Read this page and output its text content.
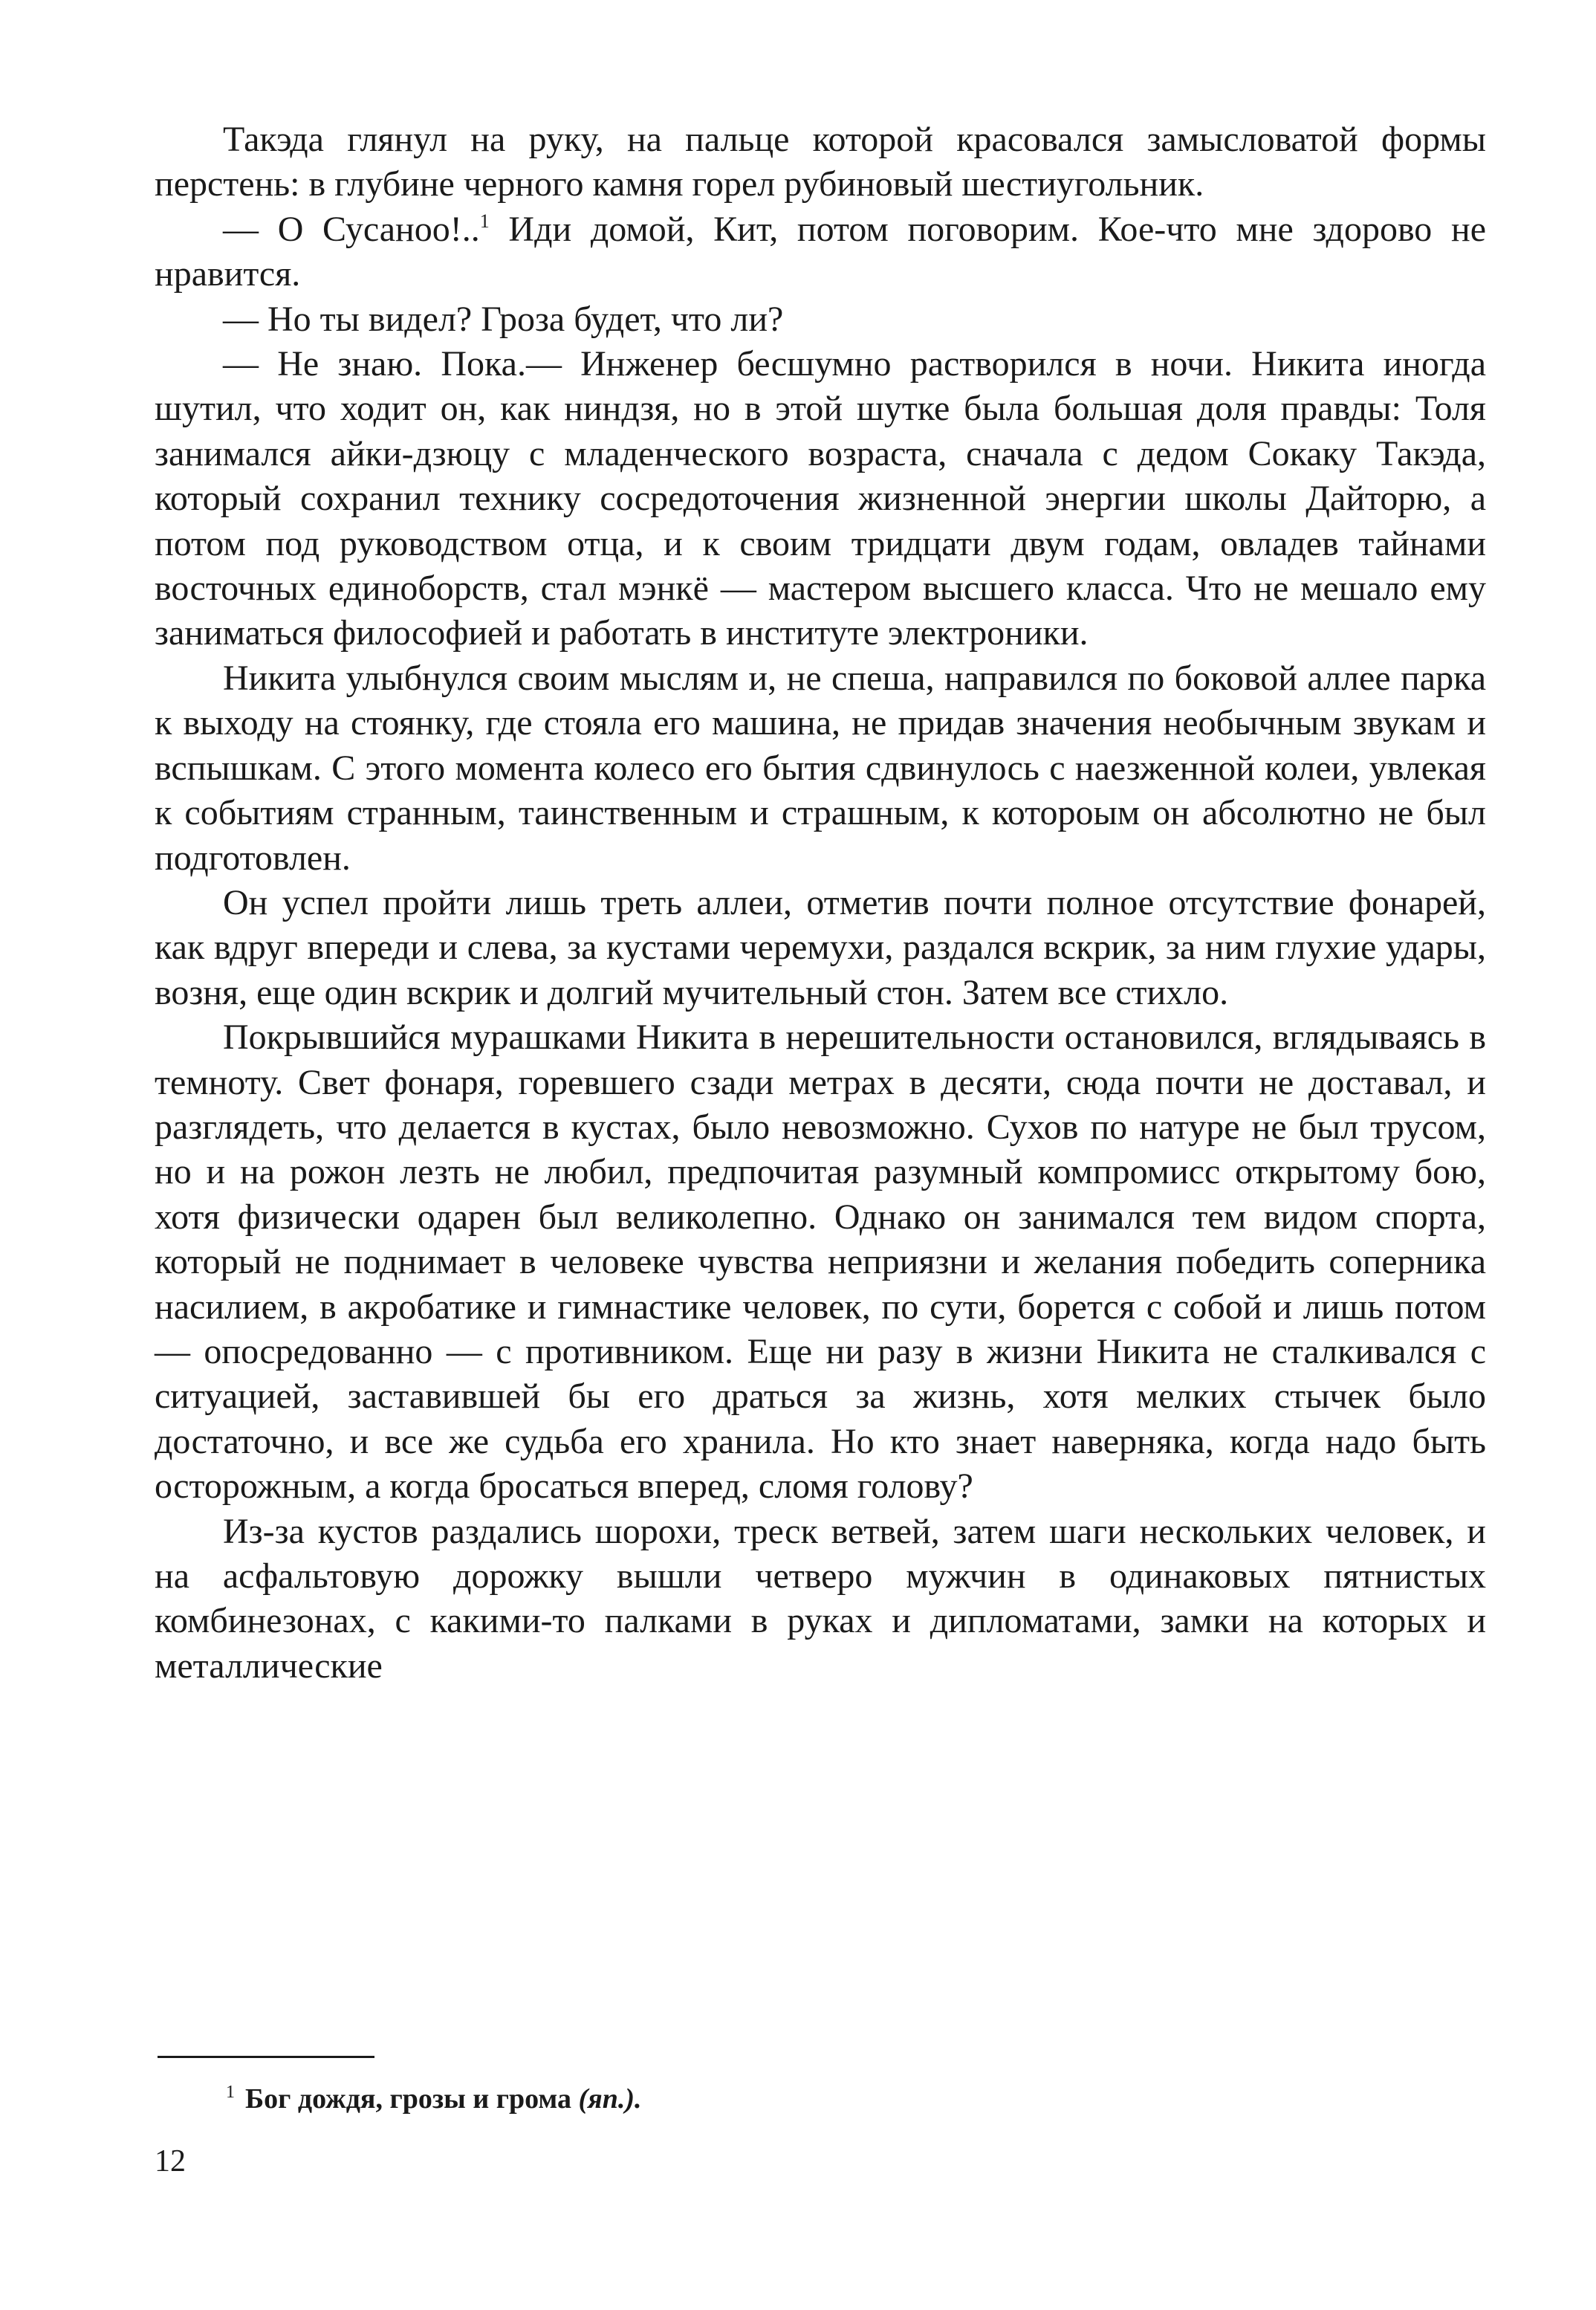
Такэда глянул на руку, на пальце которой красовался замысловатой формы перстень: в глубине черного камня горел рубиновый шестиугольник.

— О Сусаноо!..$^1$ Иди домой, Кит, потом поговорим. Кое-что мне здорово не нравится.

— Но ты видел? Гроза будет, что ли?

— Не знаю. Пока.— Инженер бесшумно растворился в ночи. Никита иногда шутил, что ходит он, как ниндзя, но в этой шутке была большая доля правды: Толя занимался айки-дзюцу с младенческого возраста, сначала с дедом Сокаку Такэда, который сохранил технику сосредоточения жизненной энергии школы Дайторю, а потом под руководством отца, и к своим тридцати двум годам, овладев тайнами восточных единоборств, стал мэнкё — мастером высшего класса. Что не мешало ему заниматься философией и работать в институте электроники.

Никита улыбнулся своим мыслям и, не спеша, направился по боковой аллее парка к выходу на стоянку, где стояла его машина, не придав значения необычным звукам и вспышкам. С этого момента колесо его бытия сдвинулось с наезженной колеи, увлекая к событиям странным, таинственным и страшным, к котороым он абсолютно не был подготовлен.

Он успел пройти лишь треть аллеи, отметив почти полное отсутствие фонарей, как вдруг впереди и слева, за кустами черемухи, раздался вскрик, за ним глухие удары, возня, еще один вскрик и долгий мучительный стон. Затем все стихло.

Покрывшийся мурашками Никита в нерешительности остановился, вглядываясь в темноту. Свет фонаря, горевшего сзади метрах в десяти, сюда почти не доставал, и разглядеть, что делается в кустах, было невозможно. Сухов по натуре не был трусом, но и на рожон лезть не любил, предпочитая разумный компромисс открытому бою, хотя физически одарен был великолепно. Однако он занимался тем видом спорта, который не поднимает в человеке чувства неприязни и желания победить соперника насилием, в акробатике и гимнастике человек, по сути, борется с собой и лишь потом — опосредованно — с противником. Еще ни разу в жизни Никита не сталкивался с ситуацией, заставившей бы его драться за жизнь, хотя мелких стычек было достаточно, и все же судьба его хранила. Но кто знает наверняка, когда надо быть осторожным, а когда бросаться вперед, сломя голову?

Из-за кустов раздались шорохи, треск ветвей, затем шаги нескольких человек, и на асфальтовую дорожку вышли четверо мужчин в одинаковых пятнистых комбинезонах, с какими-то палками в руках и дипломатами, замки на которых и металлические

$^1$ Бог дождя, грозы и грома (яп.).
12
